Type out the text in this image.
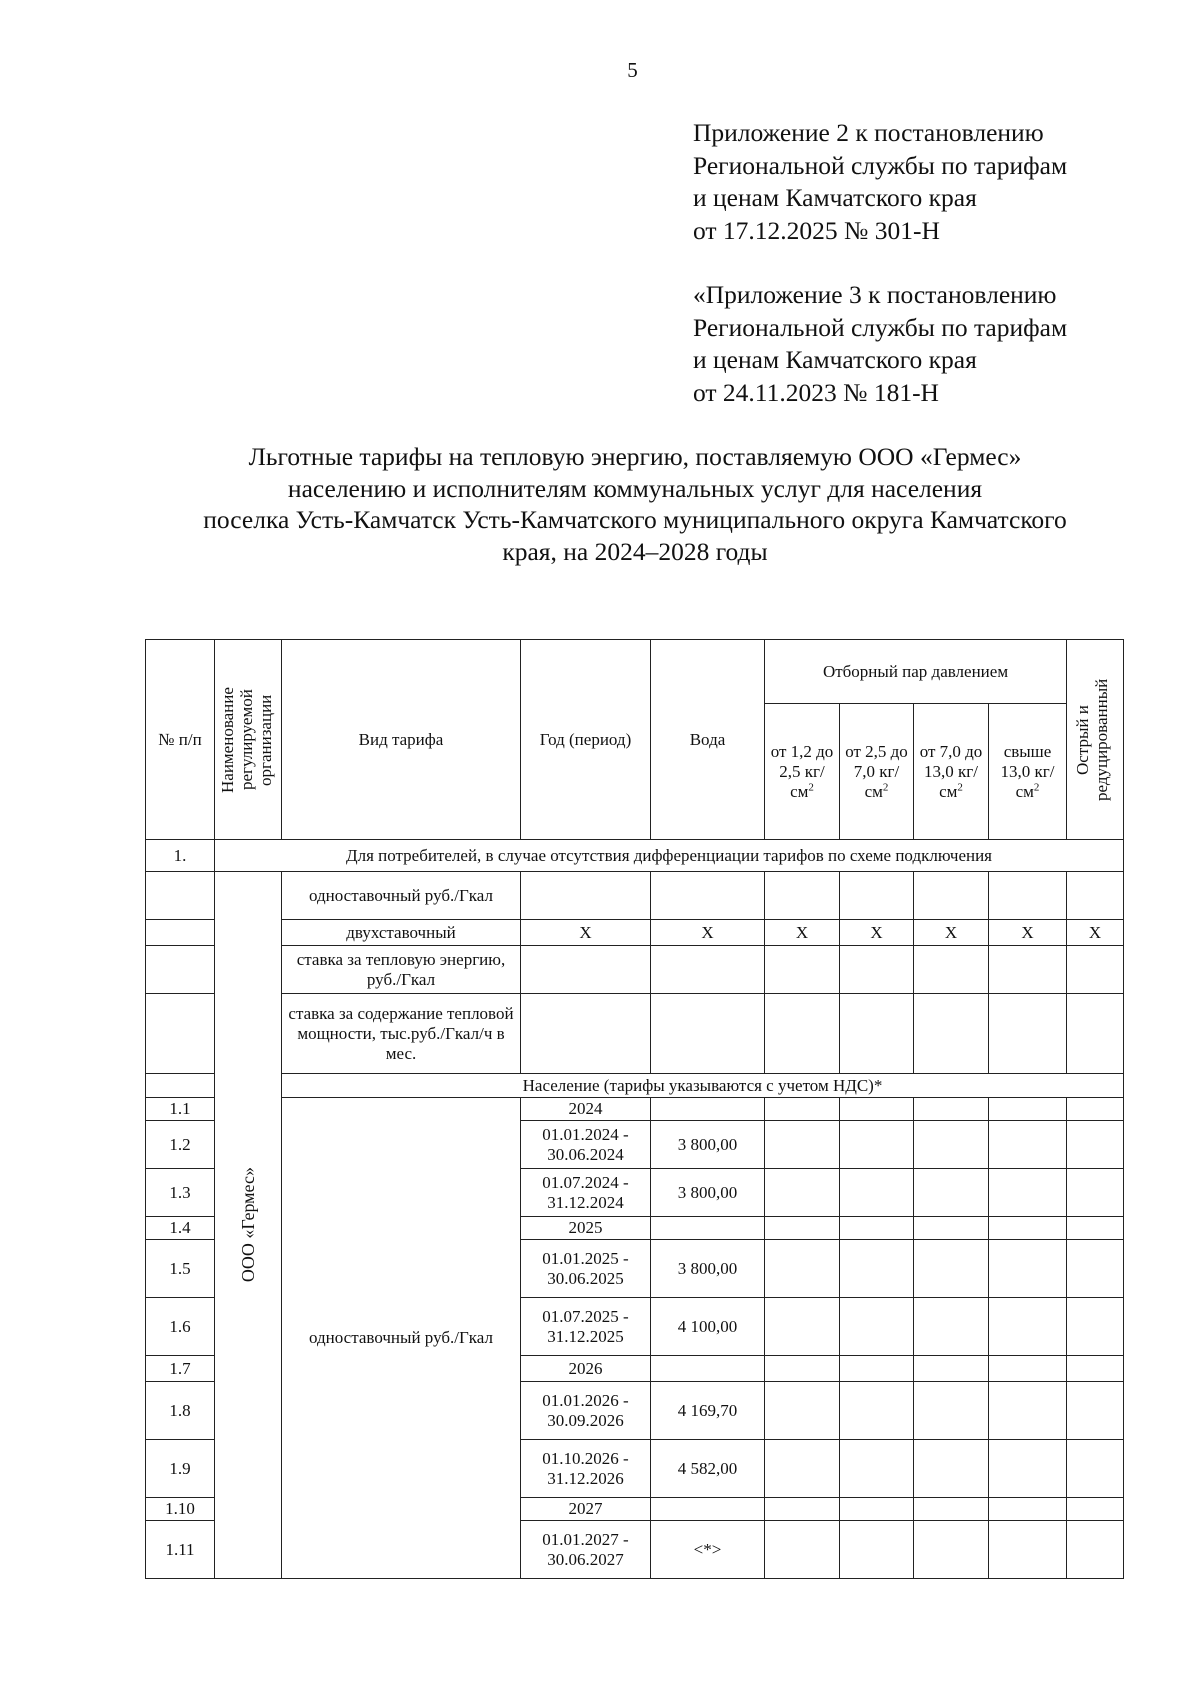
5
Приложение 2 к постановлению
Региональной службы по тарифам
и ценам Камчатского края
от 17.12.2025 № 301-Н
«Приложение 3 к постановлению
Региональной службы по тарифам
и ценам Камчатского края
от 24.11.2023 № 181-Н
Льготные тарифы на тепловую энергию, поставляемую ООО «Гермес»
населению и исполнителям коммунальных услуг для населения
поселка Усть-Камчатск Усть-Камчатского муниципального округа Камчатского
края, на 2024–2028 годы
№ п/п	Наименование регулируемой организации	Вид тарифа	Год (период)	Вода	Отборный пар давлением				Острый и редуцированный

					от 1,2 до 2,5 $кг/см^2$	от 2,5 до 7,0 $кг/см^2$	от 7,0 до 13,0 $кг/см^2$	свыше 13,0 $кг/см^2$
1.	Для потребителей, в случае отсутствия дифференциации тарифов по схеме подключения								

	ООО «Гермес»	одноставочный руб./Гкал							
		двухставочный	X	X	X	X	X	X	X
		ставка за тепловую энергию, руб./Гкал							
		ставка за содержание тепловой мощности, тыс.руб./Гкал/ч в мес.							
		Население (тарифы указываются с учетом НДС)*							
1.1		одноставочный руб./Гкал	2024						
1.2			01.01.2024 - 30.06.2024	3 800,00					
1.3			01.07.2024 - 31.12.2024	3 800,00					
1.4			2025						
1.5			01.01.2025 - 30.06.2025	3 800,00					
1.6			01.07.2025 - 31.12.2025	4 100,00					
1.7			2026						
1.8			01.01.2026 - 30.09.2026	4 169,70					
1.9			01.10.2026 - 31.12.2026	4 582,00					
1.10			2027						
1.11			01.01.2027 - 30.06.2027	<*>					
